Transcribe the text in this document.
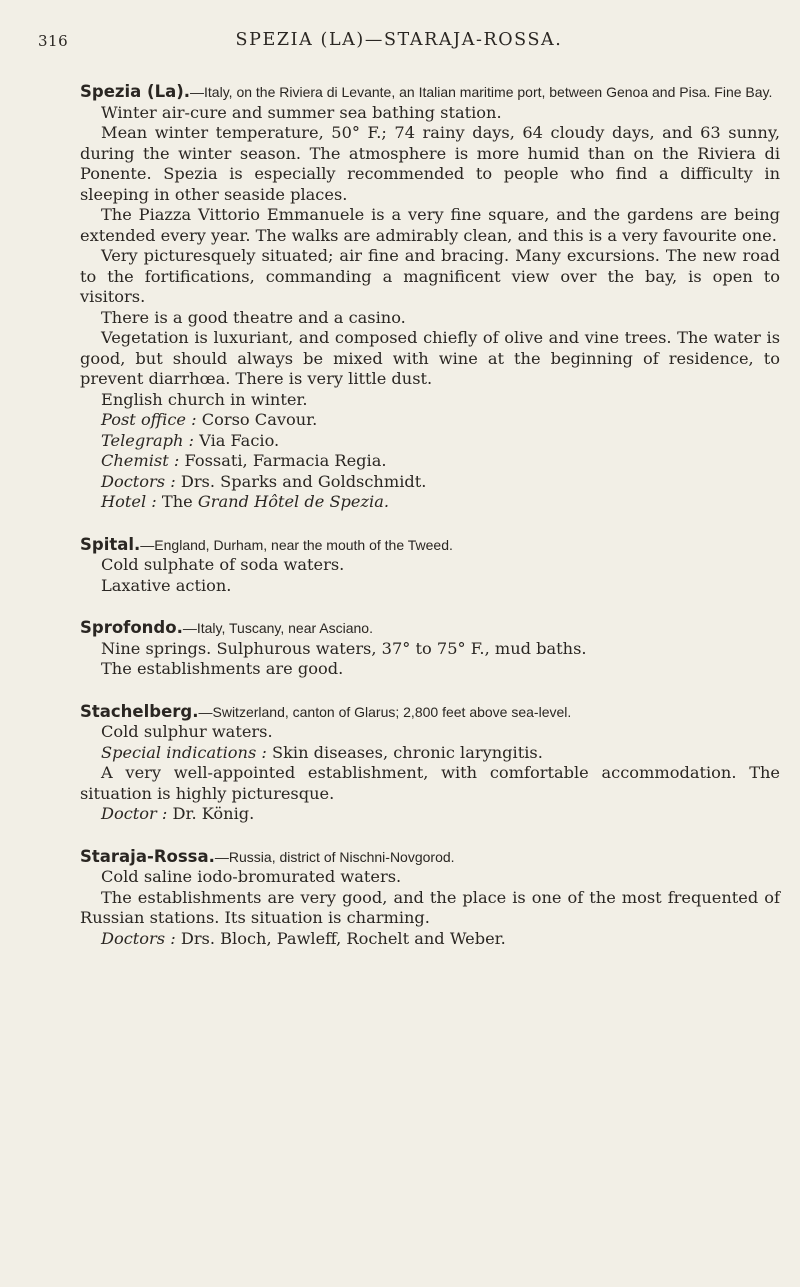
316	SPEZIA (LA)—STARAJA-ROSSA.

Spezia (La).—Italy, on the Riviera di Levante, an Italian maritime port, between Genoa and Pisa. Fine Bay.

Winter air-cure and summer sea bathing station.

Mean winter temperature, 50° F.; 74 rainy days, 64 cloudy days, and 63 sunny, during the winter season. The atmosphere is more humid than on the Riviera di Ponente. Spezia is especially recommended to people who find a difficulty in sleeping in other seaside places.

The Piazza Vittorio Emmanuele is a very fine square, and the gardens are being extended every year. The walks are admirably clean, and this is a very favourite one.

Very picturesquely situated; air fine and bracing. Many excursions. The new road to the fortifications, commanding a magnificent view over the bay, is open to visitors.

There is a good theatre and a casino.

Vegetation is luxuriant, and composed chiefly of olive and vine trees. The water is good, but should always be mixed with wine at the beginning of residence, to prevent diarrhœa. There is very little dust.

English church in winter.

Post office : Corso Cavour.

Telegraph : Via Facio.

Chemist : Fossati, Farmacia Regia.

Doctors : Drs. Sparks and Goldschmidt.

Hotel : The Grand Hôtel de Spezia.

Spital.—England, Durham, near the mouth of the Tweed.

Cold sulphate of soda waters.

Laxative action.

Sprofondo.—Italy, Tuscany, near Asciano.

Nine springs. Sulphurous waters, 37° to 75° F., mud baths.

The establishments are good.

Stachelberg.—Switzerland, canton of Glarus; 2,800 feet above sea-level.

Cold sulphur waters.

Special indications : Skin diseases, chronic laryngitis.

A very well-appointed establishment, with comfortable accommodation. The situation is highly picturesque.

Doctor : Dr. König.

Staraja-Rossa.—Russia, district of Nischni-Novgorod.

Cold saline iodo-bromurated waters.

The establishments are very good, and the place is one of the most frequented of Russian stations. Its situation is charming.

Doctors : Drs. Bloch, Pawleff, Rochelt and Weber.
